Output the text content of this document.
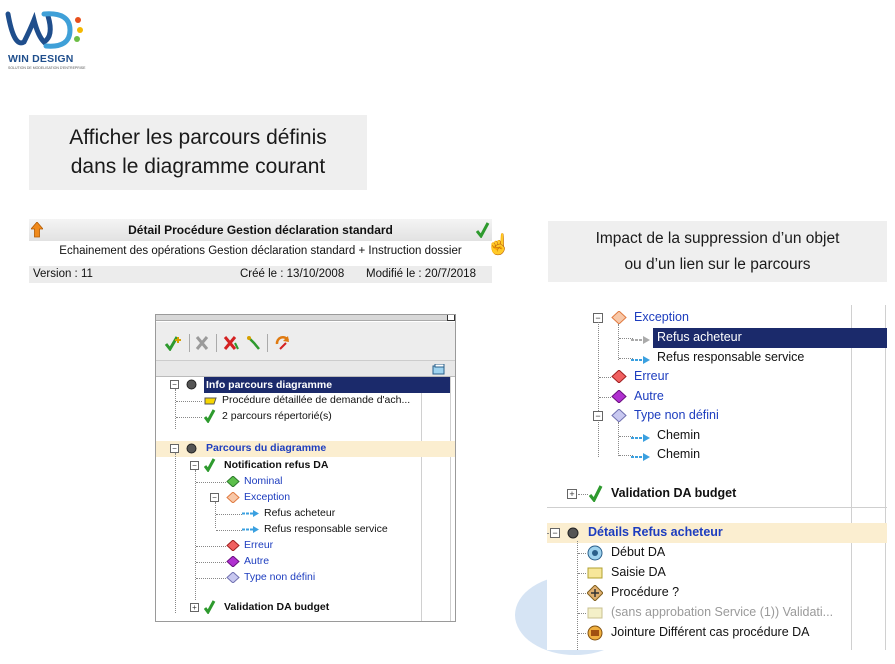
WIN DESIGN
SOLUTION DE MODELISATION D'ENTREPRISE
Afficher les parcours définis
dans le diagramme courant
Impact de la suppression d’un objet
ou d’un lien sur le parcours
Détail Procédure Gestion déclaration standard
☝
Echainement des opérations Gestion déclaration standard + Instruction dossier
Version : 11	Créé le : 13/10/2008 Modifié le : 20/7/2018
−	Info parcours diagramme
Procédure détaillée de demande d'ach...
2 parcours répertorié(s)
−	Parcours du diagramme
−	Notification refus DA
Nominal
−	Exception
Refus acheteur
Refus responsable service
Erreur
Autre
Type non défini
+	Validation DA budget
−	Exception
Refus acheteur
Refus responsable service
Erreur
Autre
−	Type non défini
Chemin
Chemin
+	Validation DA budget
− Détails Refus acheteur
Début DA
Saisie DA
Procédure ?
(sans approbation Service (1)) Validati...
Jointure Différent cas procédure DA
